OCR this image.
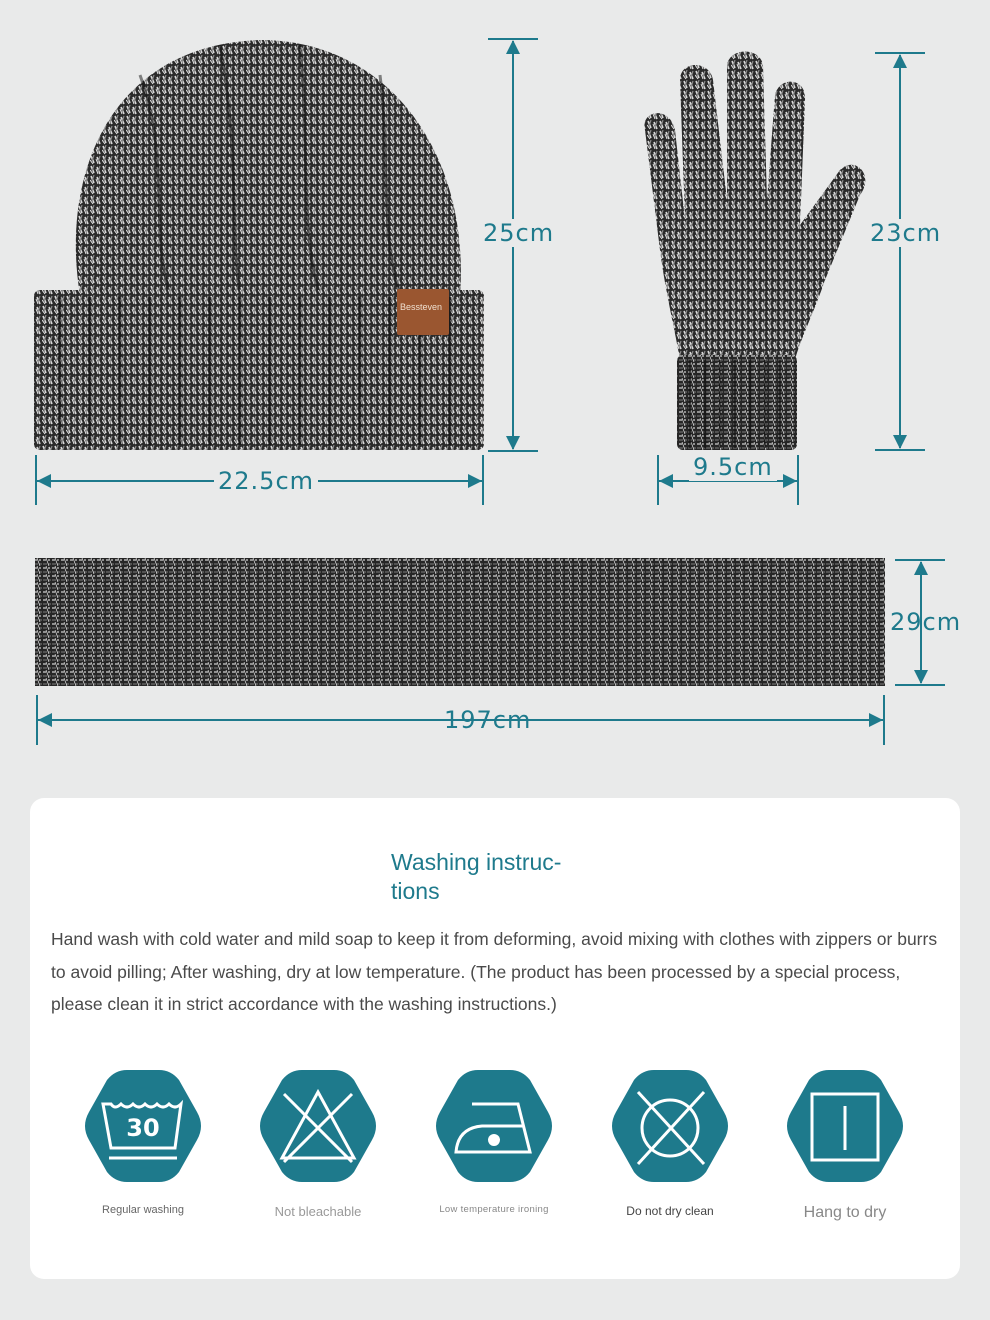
Bessteven
25cm
22.5cm
23cm
9.5cm
29cm
197cm
Washing instruc-
tions
Hand wash with cold water and mild soap to keep it from deforming, avoid mixing with clothes with zippers or burrs to avoid pilling; After washing, dry at low temperature. (The product has been processed by a special process, please clean it in strict accordance with the washing instructions.)
30
Regular washing	Not bleachable	Low temperature ironing	Do not dry clean	Hang to dry
